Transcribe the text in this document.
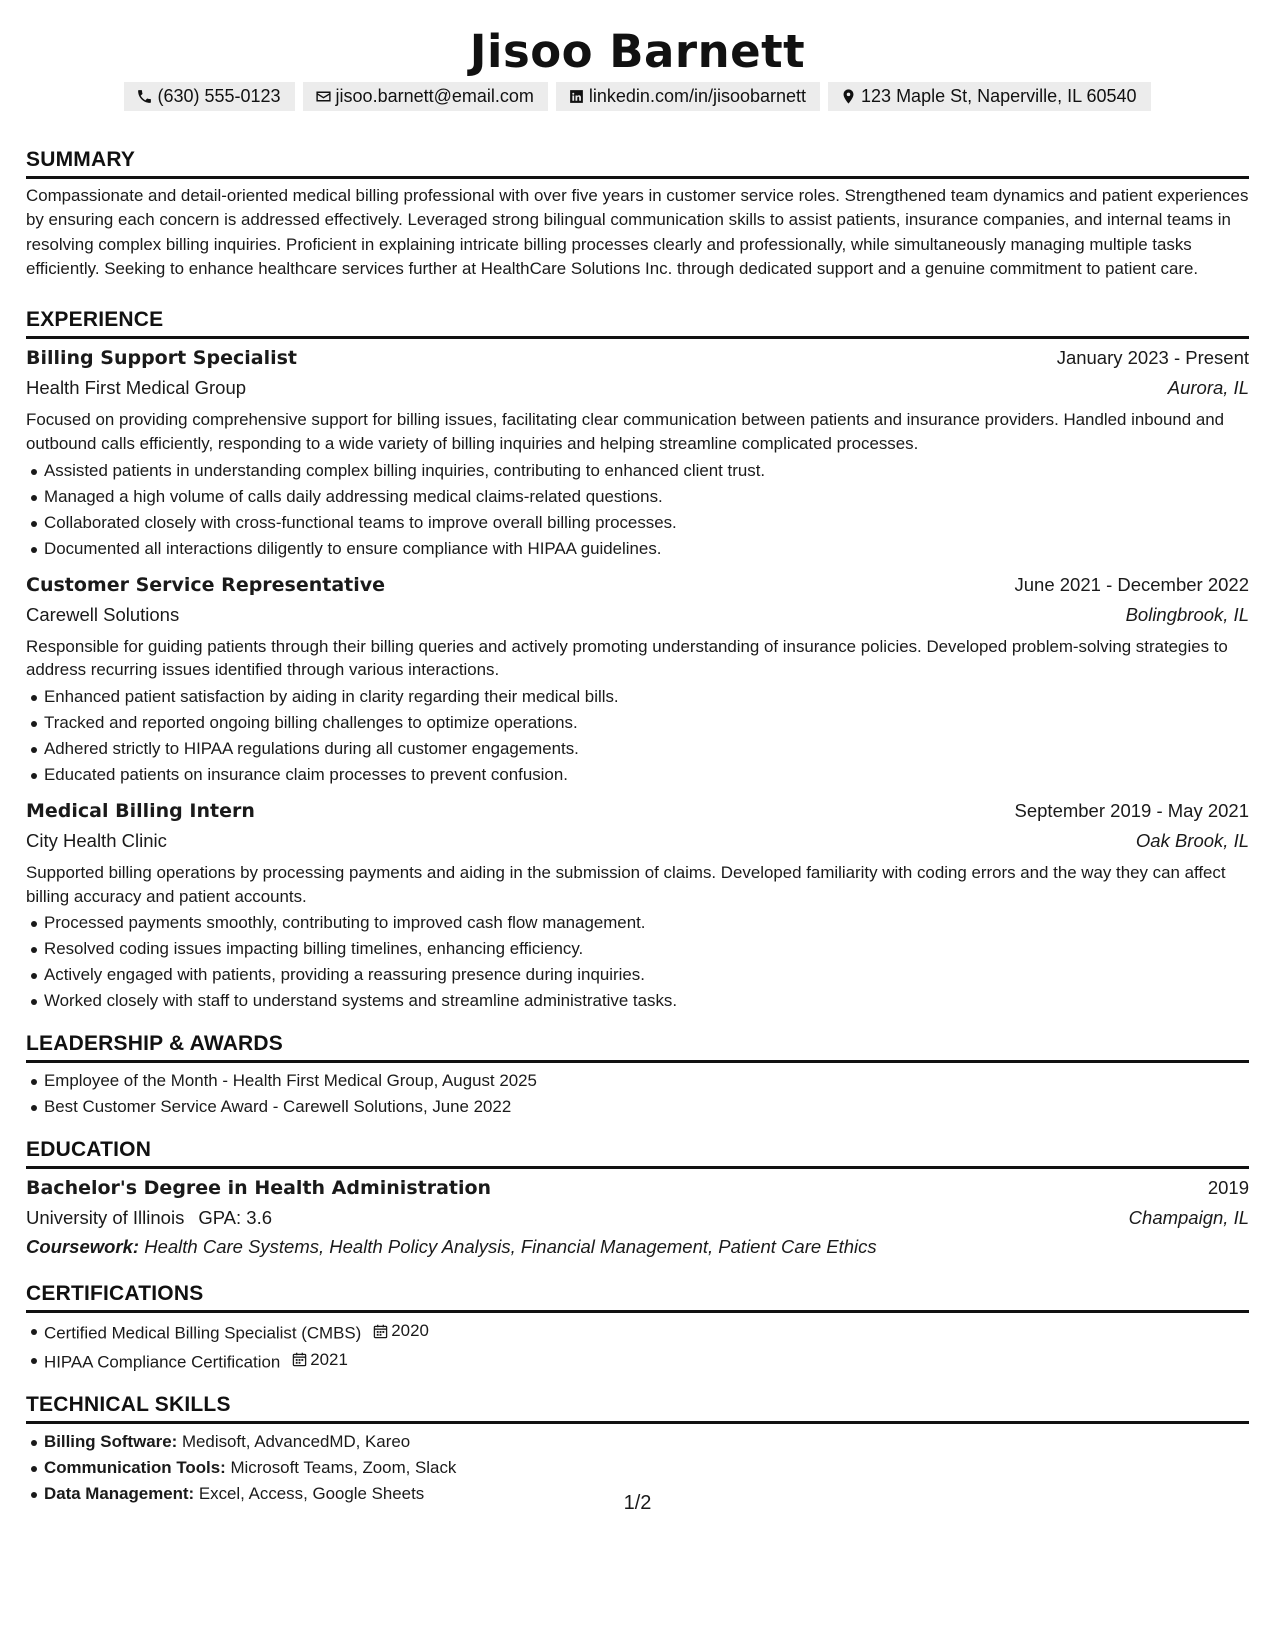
Jisoo Barnett
(630) 555-0123	jisoo.barnett@email.com	linkedin.com/in/jisoobarnett	123 Maple St, Naperville, IL 60540
SUMMARY

Compassionate and detail-oriented medical billing professional with over five years in customer service roles. Strengthened team dynamics and patient experiences by ensuring each concern is addressed effectively. Leveraged strong bilingual communication skills to assist patients, insurance companies, and internal teams in resolving complex billing inquiries. Proficient in explaining intricate billing processes clearly and professionally, while simultaneously managing multiple tasks efficiently. Seeking to enhance healthcare services further at HealthCare Solutions Inc. through dedicated support and a genuine commitment to patient care.

EXPERIENCE
Billing Support Specialist	January 2023 - Present
Health First Medical Group	Aurora, IL

Focused on providing comprehensive support for billing issues, facilitating clear communication between patients and insurance providers. Handled inbound and outbound calls efficiently, responding to a wide variety of billing inquiries and helping streamline complicated processes.

Assisted patients in understanding complex billing inquiries, contributing to enhanced client trust.
Managed a high volume of calls daily addressing medical claims-related questions.
Collaborated closely with cross-functional teams to improve overall billing processes.
Documented all interactions diligently to ensure compliance with HIPAA guidelines.
Customer Service Representative	June 2021 - December 2022
Carewell Solutions	Bolingbrook, IL

Responsible for guiding patients through their billing queries and actively promoting understanding of insurance policies. Developed problem-solving strategies to address recurring issues identified through various interactions.

Enhanced patient satisfaction by aiding in clarity regarding their medical bills.
Tracked and reported ongoing billing challenges to optimize operations.
Adhered strictly to HIPAA regulations during all customer engagements.
Educated patients on insurance claim processes to prevent confusion.
Medical Billing Intern	September 2019 - May 2021
City Health Clinic	Oak Brook, IL

Supported billing operations by processing payments and aiding in the submission of claims. Developed familiarity with coding errors and the way they can affect billing accuracy and patient accounts.

Processed payments smoothly, contributing to improved cash flow management.
Resolved coding issues impacting billing timelines, enhancing efficiency.
Actively engaged with patients, providing a reassuring presence during inquiries.
Worked closely with staff to understand systems and streamline administrative tasks.
LEADERSHIP & AWARDS
Employee of the Month - Health First Medical Group, August 2025
Best Customer Service Award - Carewell Solutions, June 2022
EDUCATION
Bachelor's Degree in Health Administration	2019
University of Illinois GPA: 3.6	Champaign, IL
Coursework: Health Care Systems, Health Policy Analysis, Financial Management, Patient Care Ethics
CERTIFICATIONS
Certified Medical Billing Specialist (CMBS) 2020
HIPAA Compliance Certification 2021
TECHNICAL SKILLS
Billing Software: Medisoft, AdvancedMD, Kareo
Communication Tools: Microsoft Teams, Zoom, Slack
Data Management: Excel, Access, Google Sheets	1/2
